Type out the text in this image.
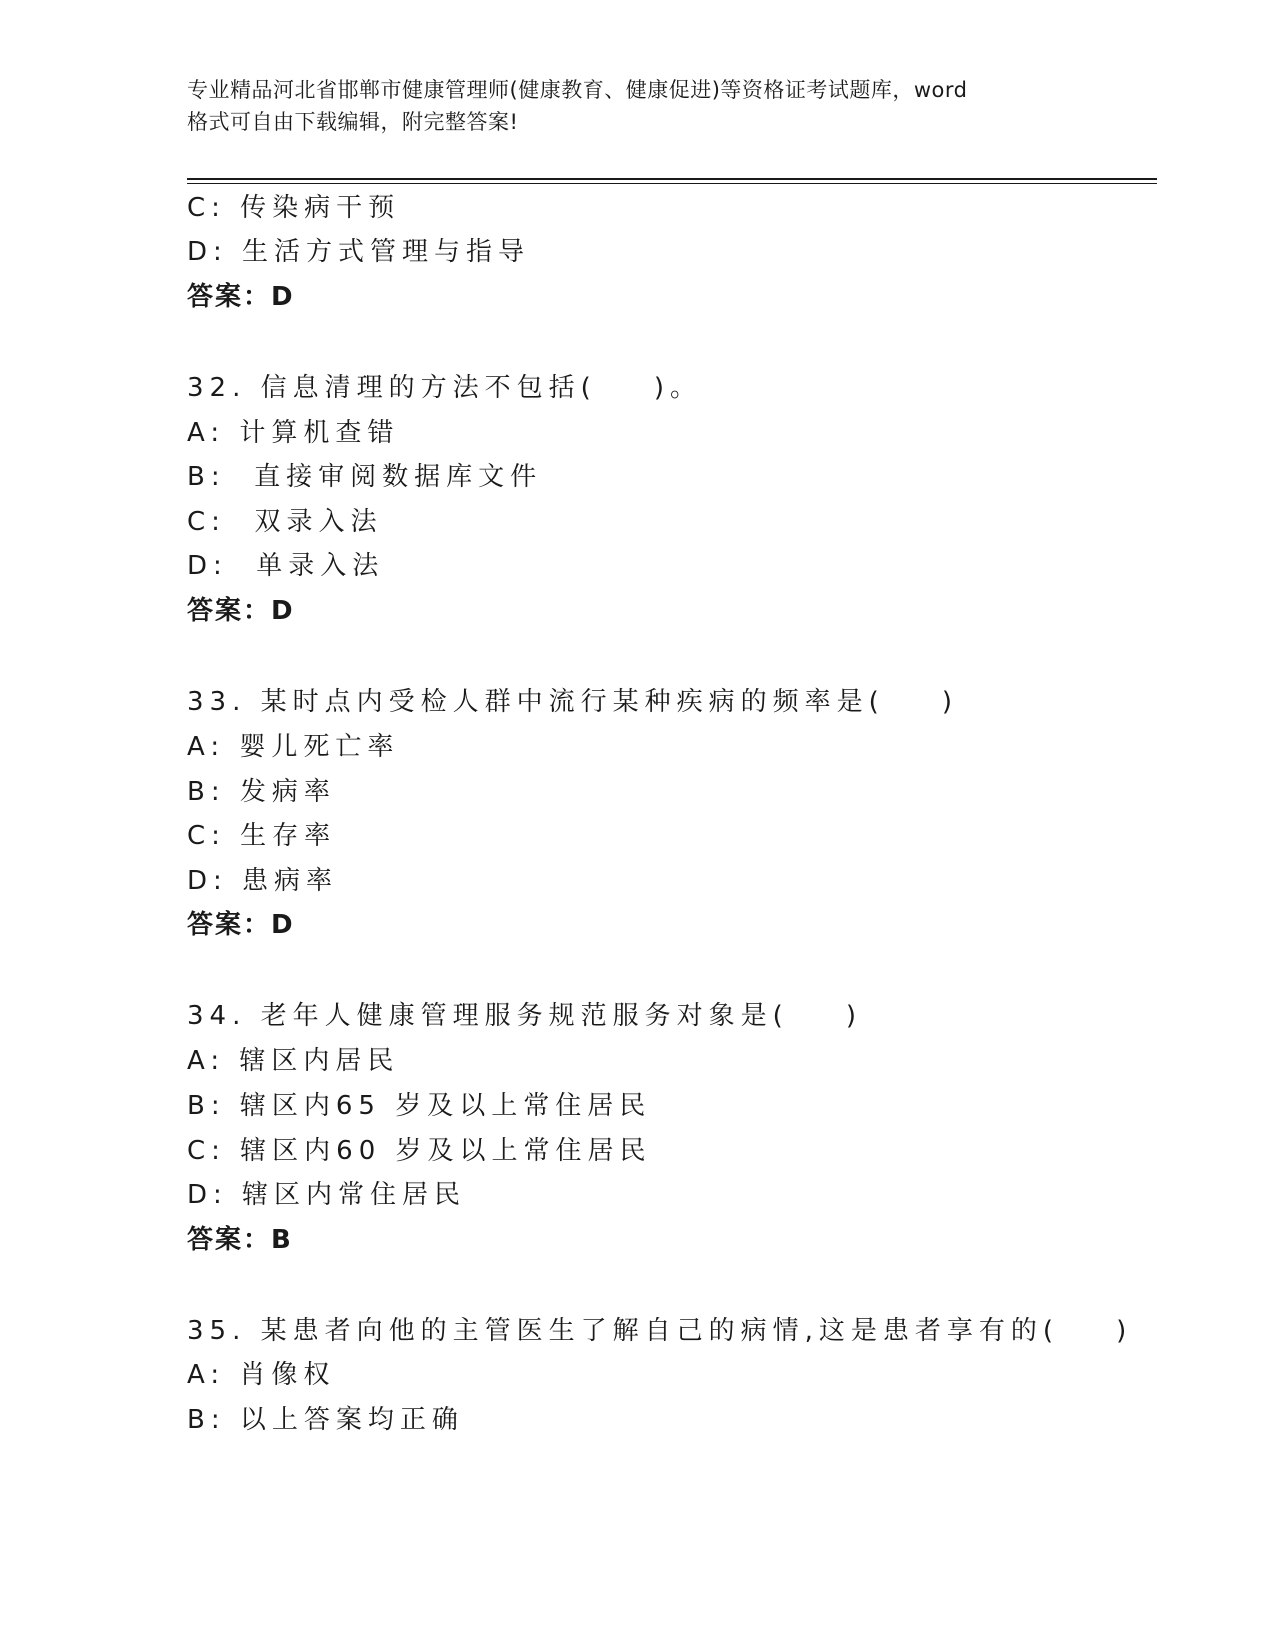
专业精品河北省邯郸市健康管理师(健康教育、健康促进)等资格证考试题库，word
格式可自由下载编辑，附完整答案!
C: 传染病干预
D: 生活方式管理与指导
答案：D
32. 信息清理的方法不包括(    )。
A: 计算机查错
B:  直接审阅数据库文件
C:  双录入法
D:  单录入法
答案：D
33. 某时点内受检人群中流行某种疾病的频率是(    )
A: 婴儿死亡率
B: 发病率
C: 生存率
D: 患病率
答案：D
34. 老年人健康管理服务规范服务对象是(    )
A: 辖区内居民
B: 辖区内65 岁及以上常住居民
C: 辖区内60 岁及以上常住居民
D: 辖区内常住居民
答案：B
35. 某患者向他的主管医生了解自己的病情,这是患者享有的(    )
A: 肖像权
B: 以上答案均正确
